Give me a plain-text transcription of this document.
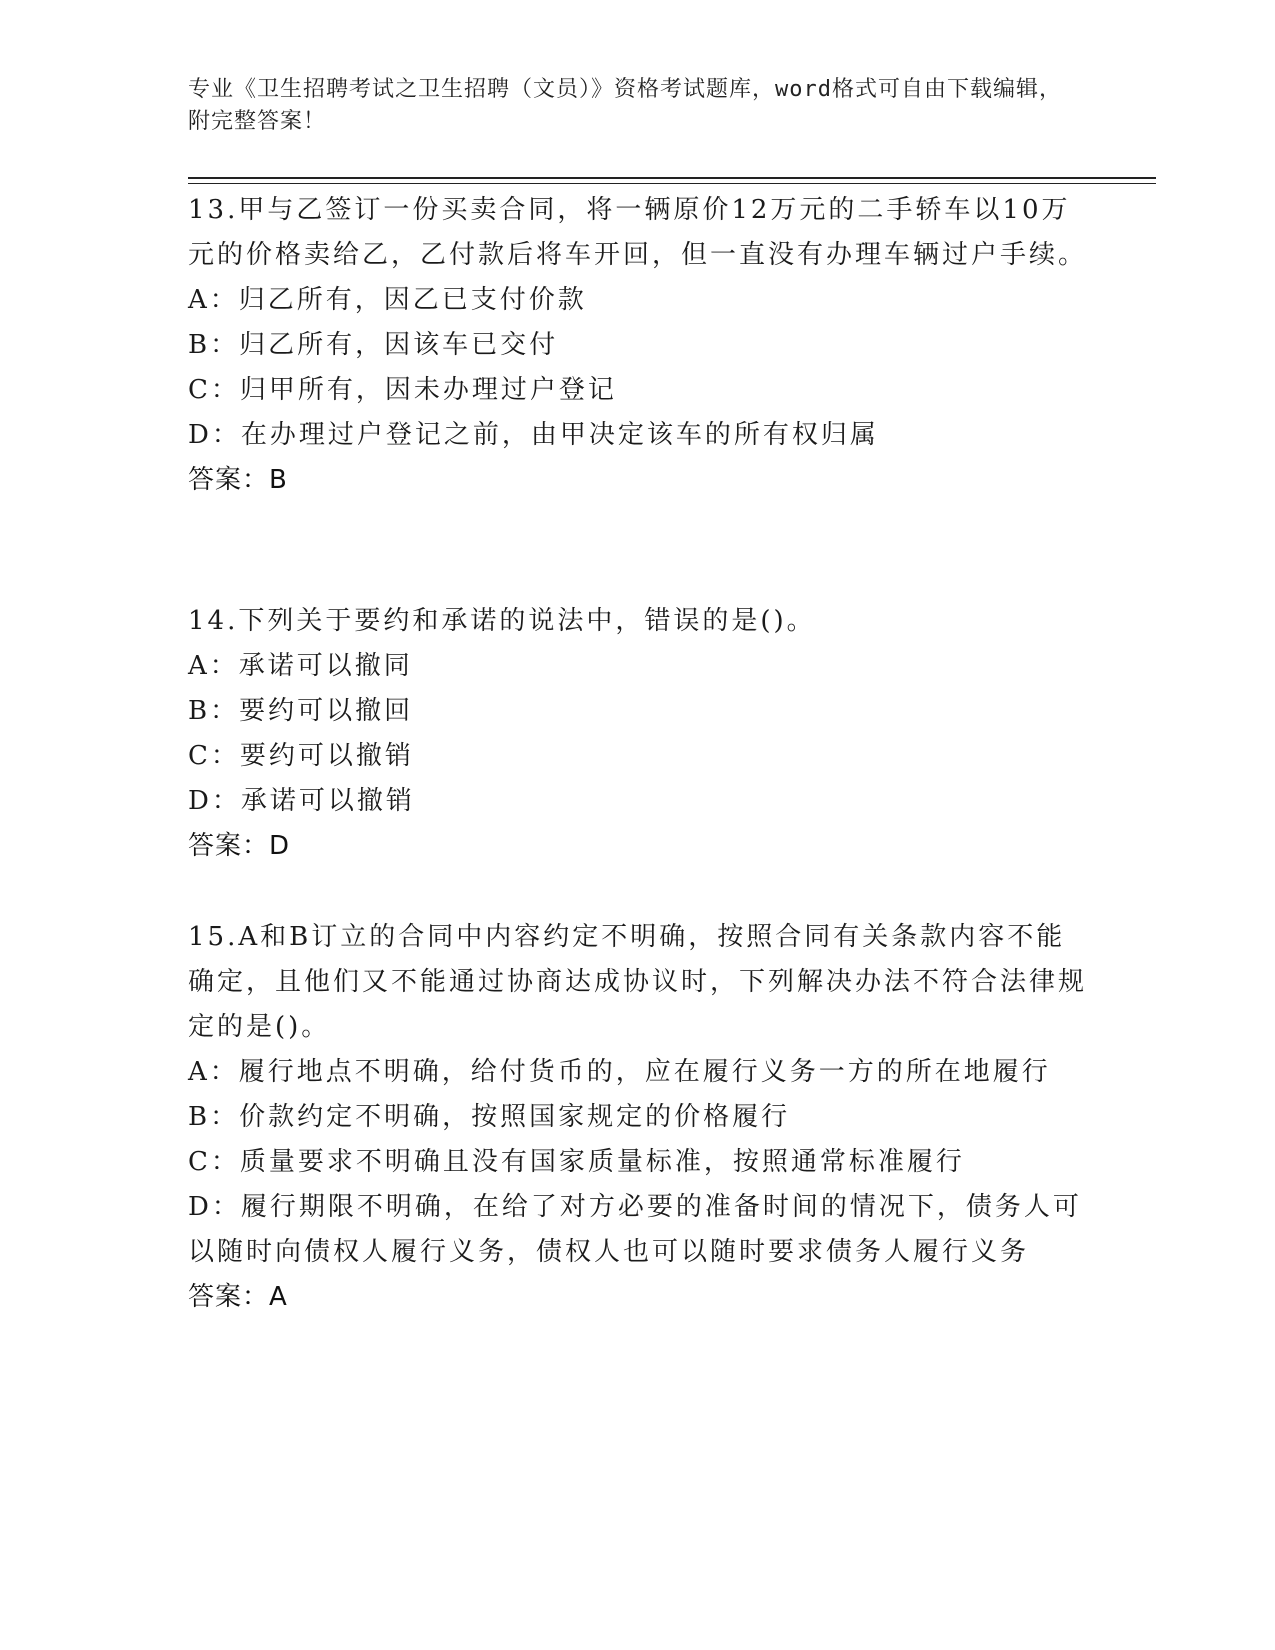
专业《卫生招聘考试之卫生招聘（文员）》资格考试题库，word格式可自由下载编辑，附完整答案！
13.甲与乙签订一份买卖合同，将一辆原价12万元的二手轿车以10万元的价格卖给乙，乙付款后将车开回，但一直没有办理车辆过户手续。
A：归乙所有，因乙已支付价款
B：归乙所有，因该车已交付
C：归甲所有，因未办理过户登记
D：在办理过户登记之前，由甲决定该车的所有权归属
答案：B
14.下列关于要约和承诺的说法中，错误的是()。
A：承诺可以撤同
B：要约可以撤回
C：要约可以撤销
D：承诺可以撤销
答案：D
15.A和B订立的合同中内容约定不明确，按照合同有关条款内容不能确定，且他们又不能通过协商达成协议时，下列解决办法不符合法律规定的是()。
A：履行地点不明确，给付货币的，应在履行义务一方的所在地履行
B：价款约定不明确，按照国家规定的价格履行
C：质量要求不明确且没有国家质量标准，按照通常标准履行
D：履行期限不明确，在给了对方必要的准备时间的情况下，债务人可以随时向债权人履行义务，债权人也可以随时要求债务人履行义务
答案：A
